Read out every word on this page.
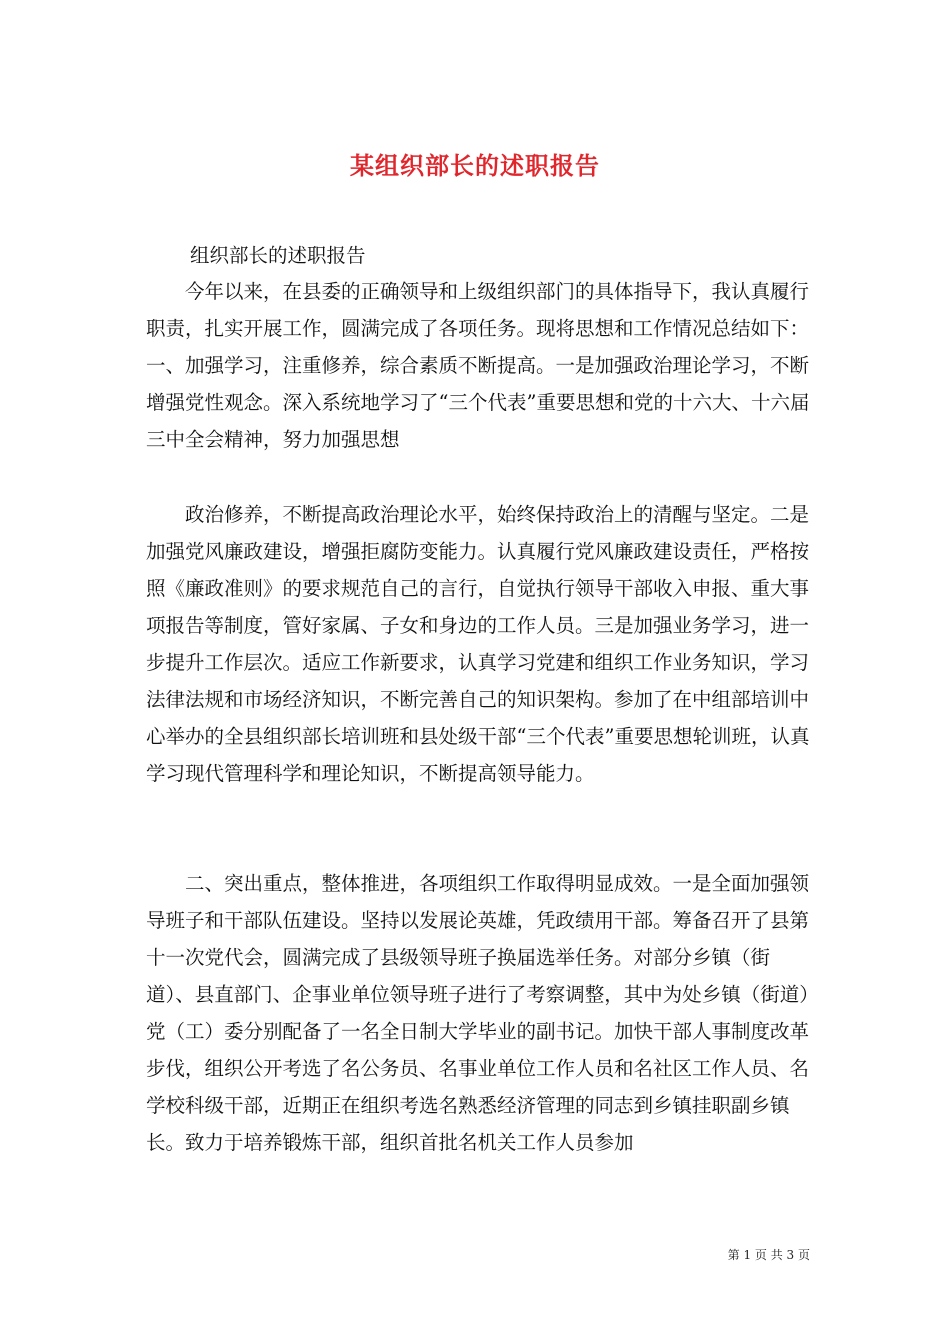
某组织部长的述职报告
组织部长的述职报告

今年以来，在县委的正确领导和上级组织部门的具体指导下，我认真履行职责，扎实开展工作，圆满完成了各项任务。现将思想和工作情况总结如下：　 一、加强学习，注重修养，综合素质不断提高。一是加强政治理论学习，不断增强党性观念。深入系统地学习了“三个代表”重要思想和党的十六大、十六届三中全会精神，努力加强思想

政治修养，不断提高政治理论水平，始终保持政治上的清醒与坚定。二是加强党风廉政建设，增强拒腐防变能力。认真履行党风廉政建设责任，严格按照《廉政准则》的要求规范自己的言行，自觉执行领导干部收入申报、重大事项报告等制度，管好家属、子女和身边的工作人员。三是加强业务学习，进一步提升工作层次。适应工作新要求，认真学习党建和组织工作业务知识，学习法律法规和市场经济知识，不断完善自己的知识架构。参加了在中组部培训中心举办的全县组织部长培训班和县处级干部“三个代表”重要思想轮训班，认真学习现代管理科学和理论知识，不断提高领导能力。

二、突出重点，整体推进，各项组织工作取得明显成效。一是全面加强领导班子和干部队伍建设。坚持以发展论英雄，凭政绩用干部。筹备召开了县第十一次党代会，圆满完成了县级领导班子换届选举任务。对部分乡镇（街道）、县直部门、企事业单位领导班子进行了考察调整，其中为处乡镇（街道）党（工）委分别配备了一名全日制大学毕业的副书记。加快干部人事制度改革步伐，组织公开考选了名公务员、名事业单位工作人员和名社区工作人员、名学校科级干部，近期正在组织考选名熟悉经济管理的同志到乡镇挂职副乡镇长。致力于培养锻炼干部，组织首批名机关工作人员参加

第 1 页 共 3 页
